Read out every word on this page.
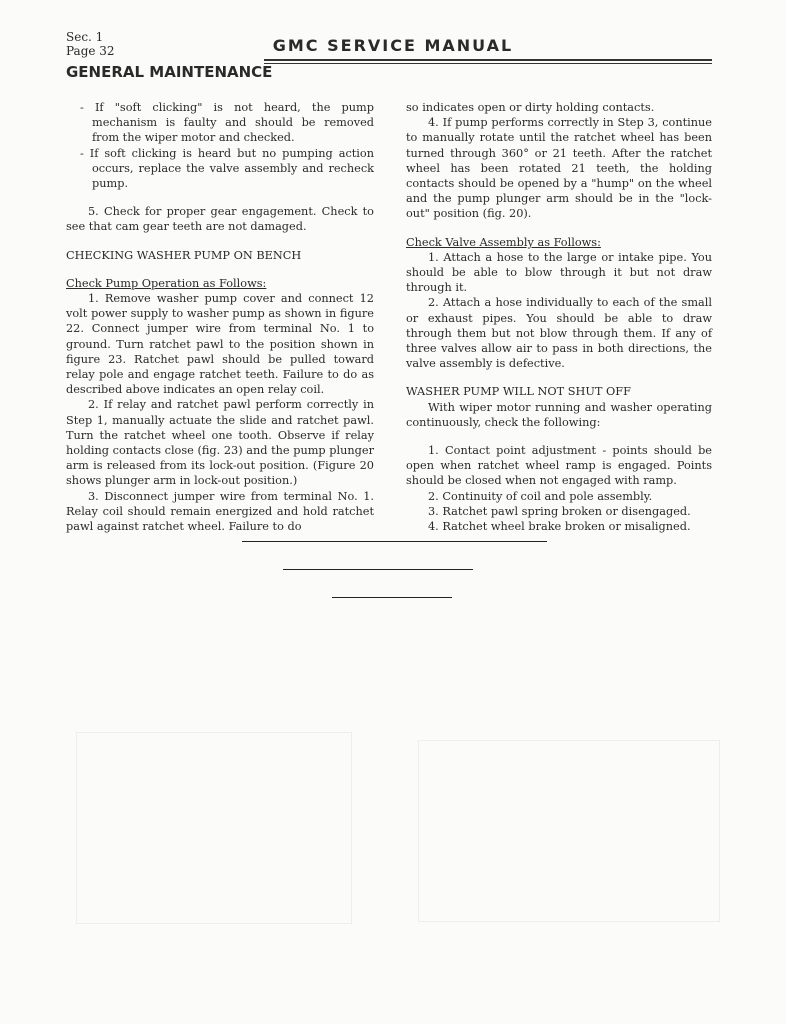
Sec. 1
Page 32	GMC SERVICE MANUAL
GENERAL MAINTENANCE

- If "soft clicking" is not heard, the pump mechanism is faulty and should be removed from the wiper motor and checked.

- If soft clicking is heard but no pumping action occurs, replace the valve assembly and recheck pump.

5. Check for proper gear engagement. Check to see that cam gear teeth are not damaged.

CHECKING WASHER PUMP ON BENCH

Check Pump Operation as Follows:

1. Remove washer pump cover and connect 12 volt power supply to washer pump as shown in figure 22. Connect jumper wire from terminal No. 1 to ground. Turn ratchet pawl to the position shown in figure 23. Ratchet pawl should be pulled toward relay pole and engage ratchet teeth. Failure to do as described above indicates an open relay coil.

2. If relay and ratchet pawl perform correctly in Step 1, manually actuate the slide and ratchet pawl. Turn the ratchet wheel one tooth. Observe if relay holding contacts close (fig. 23) and the pump plunger arm is released from its lock-out position. (Figure 20 shows plunger arm in lock-out position.)

3. Disconnect jumper wire from terminal No. 1. Relay coil should remain energized and hold ratchet pawl against ratchet wheel. Failure to do

so indicates open or dirty holding contacts.

4. If pump performs correctly in Step 3, continue to manually rotate until the ratchet wheel has been turned through 360° or 21 teeth. After the ratchet wheel has been rotated 21 teeth, the holding contacts should be opened by a "hump" on the wheel and the pump plunger arm should be in the "lock-out" position (fig. 20).

Check Valve Assembly as Follows:

1. Attach a hose to the large or intake pipe. You should be able to blow through it but not draw through it.

2. Attach a hose individually to each of the small or exhaust pipes. You should be able to draw through them but not blow through them. If any of three valves allow air to pass in both directions, the valve assembly is defective.

WASHER PUMP WILL NOT SHUT OFF

With wiper motor running and washer operating continuously, check the following:

1. Contact point adjustment - points should be open when ratchet wheel ramp is engaged. Points should be closed when not engaged with ramp.

2. Continuity of coil and pole assembly.

3. Ratchet pawl spring broken or disengaged.

4. Ratchet wheel brake broken or misaligned.
